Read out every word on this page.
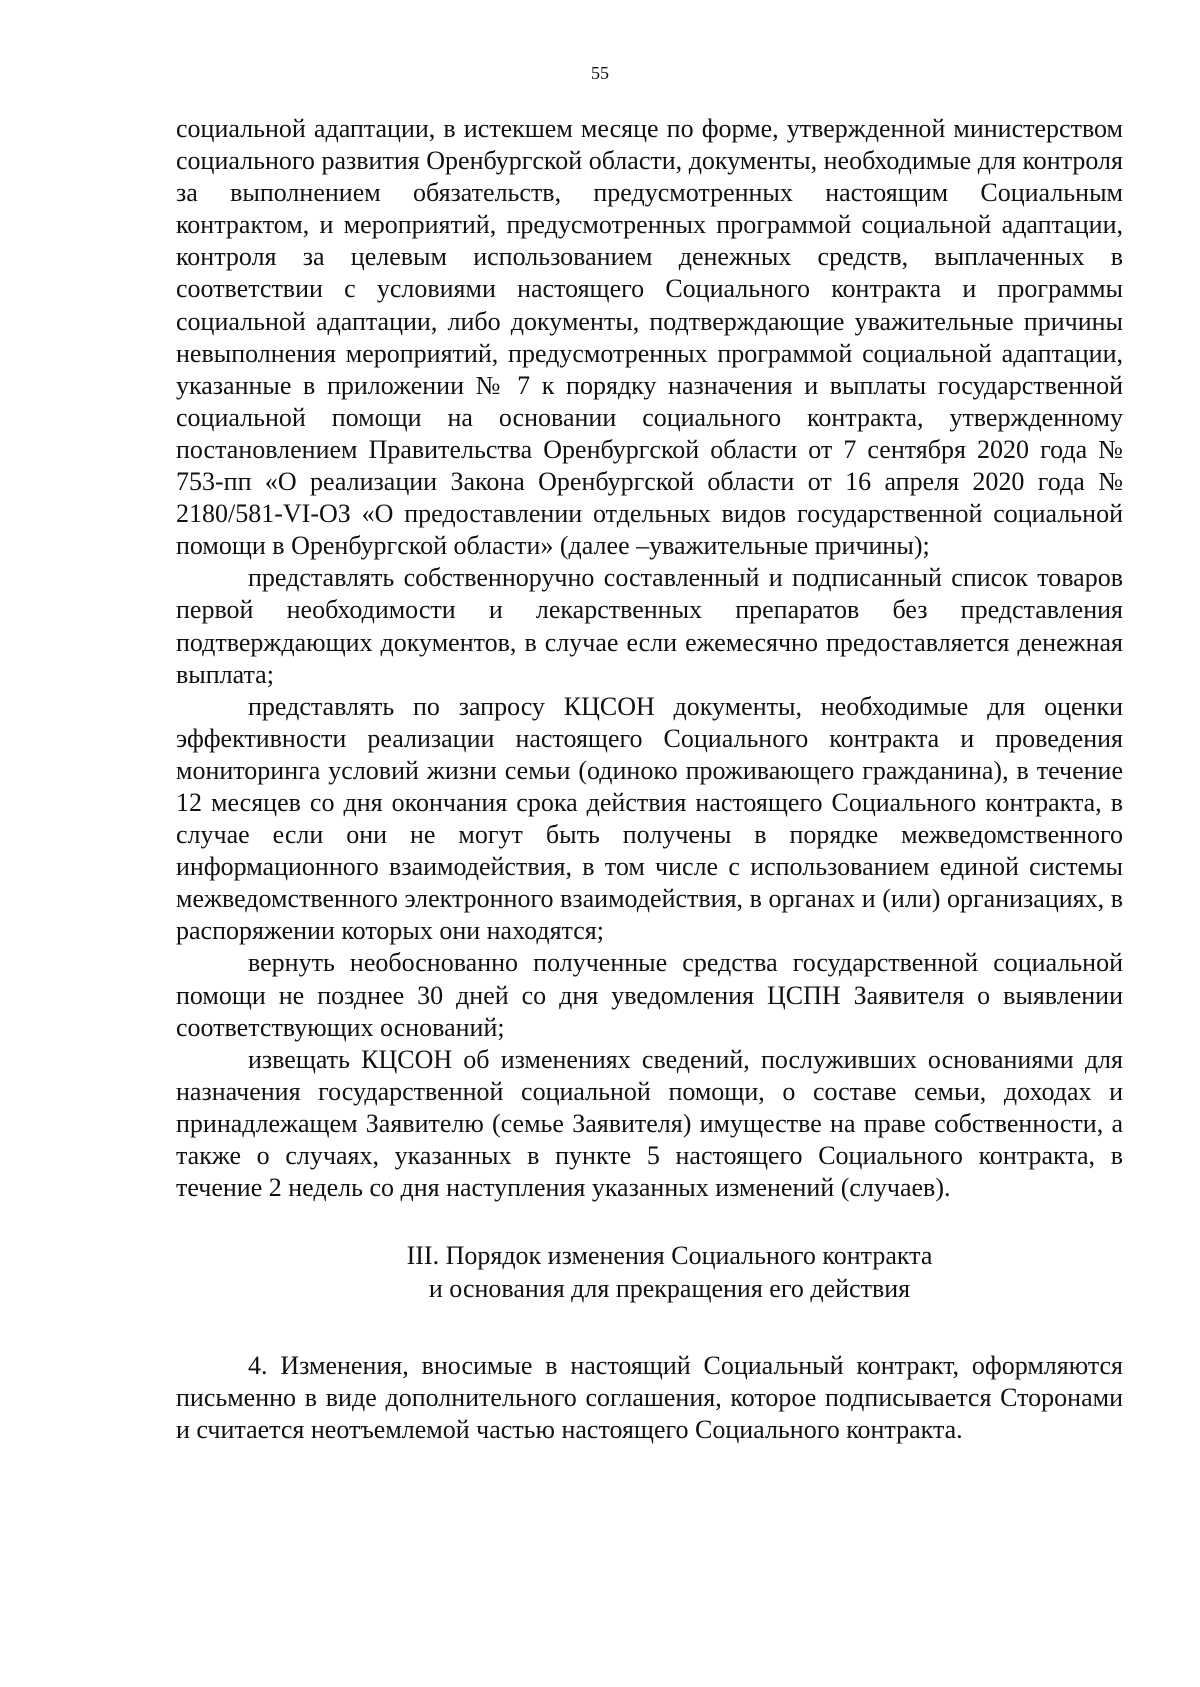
55

социальной адаптации, в истекшем месяце по форме, утвержденной министерством социального развития Оренбургской области, документы, необходимые для контроля за выполнением обязательств, предусмотренных настоящим Социальным контрактом, и мероприятий, предусмотренных программой социальной адаптации, контроля за целевым использованием денежных средств, выплаченных в соответствии с условиями настоящего Социального контракта и программы социальной адаптации, либо документы, подтверждающие уважительные причины невыполнения мероприятий, предусмотренных программой социальной адаптации, указанные в приложении № 7 к порядку назначения и выплаты государственной социальной помощи на основании социального контракта, утвержденному постановлением Правительства Оренбургской области от 7 сентября 2020 года № 753-пп «О реализации Закона Оренбургской области от 16 апреля 2020 года № 2180/581-VI-ОЗ «О предоставлении отдельных видов государственной социальной помощи в Оренбургской области» (далее –уважительные причины);

представлять собственноручно составленный и подписанный список товаров первой необходимости и лекарственных препаратов без представления подтверждающих документов, в случае если ежемесячно предоставляется денежная выплата;

представлять по запросу КЦСОН документы, необходимые для оценки эффективности реализации настоящего Социального контракта и проведения мониторинга условий жизни семьи (одиноко проживающего гражданина), в течение 12 месяцев со дня окончания срока действия настоящего Социального контракта, в случае если они не могут быть получены в порядке межведомственного информационного взаимодействия, в том числе с использованием единой системы межведомственного электронного взаимодействия, в органах и (или) организациях, в распоряжении которых они находятся;

вернуть необоснованно полученные средства государственной социальной помощи не позднее 30 дней со дня уведомления ЦСПН Заявителя о выявлении соответствующих оснований;

извещать КЦСОН об изменениях сведений, послуживших основаниями для назначения государственной социальной помощи, о составе семьи, доходах и принадлежащем Заявителю (семье Заявителя) имуществе на праве собственности, а также о случаях, указанных в пункте 5 настоящего Социального контракта, в течение 2 недель со дня наступления указанных изменений (случаев).

III. Порядок изменения Социального контракта
и основания для прекращения его действия

4. Изменения, вносимые в настоящий Социальный контракт, оформляются письменно в виде дополнительного соглашения, которое подписывается Сторонами и считается неотъемлемой частью настоящего Социального контракта.
